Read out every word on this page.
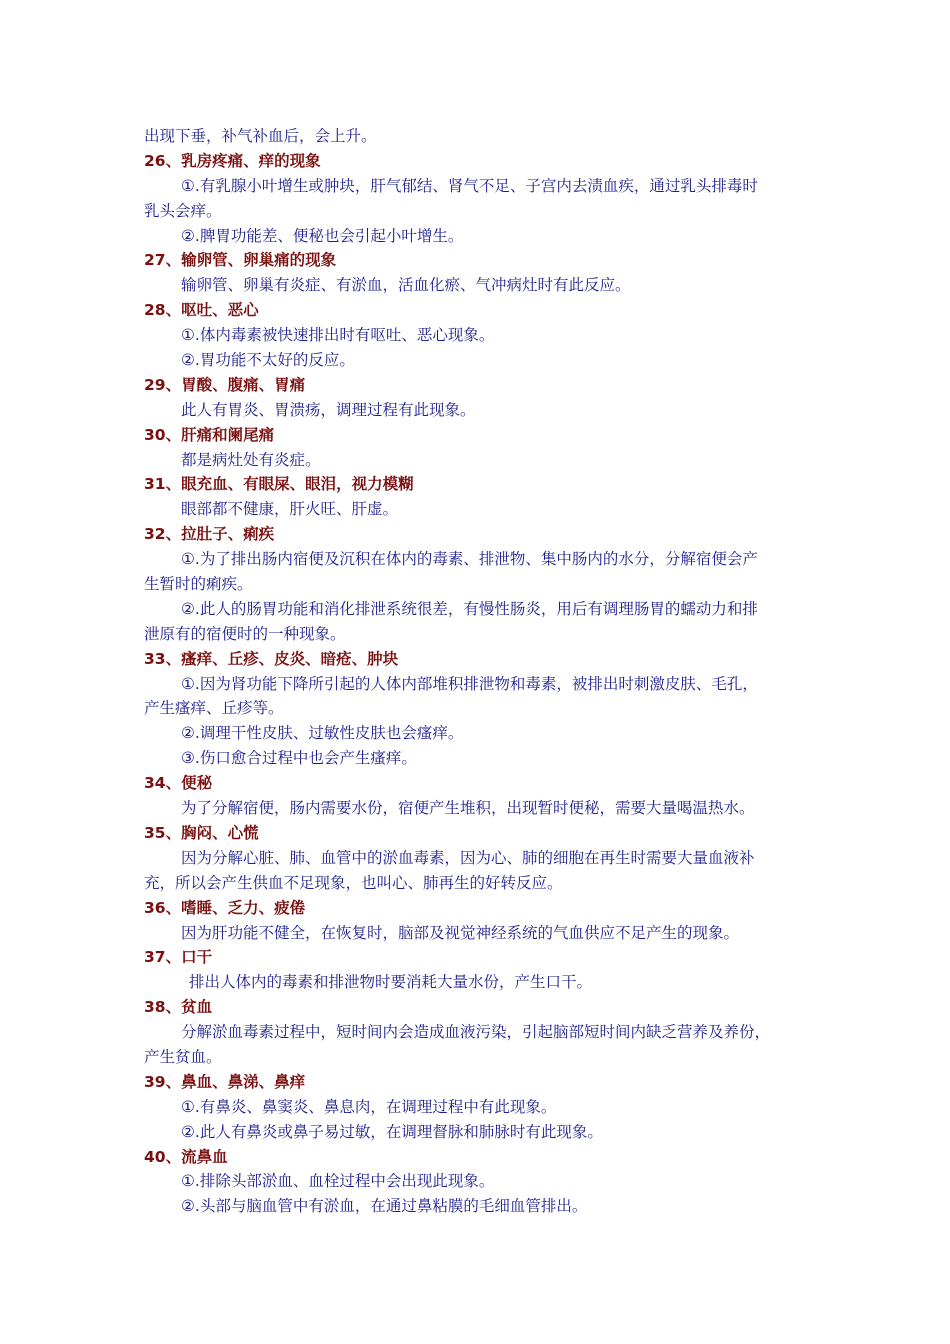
出现下垂，补气补血后，会上升。
26、乳房疼痛、痒的现象
①.有乳腺小叶增生或肿块，肝气郁结、肾气不足、子宫内去渍血疾，通过乳头排毒时
乳头会痒。
②.脾胃功能差、便秘也会引起小叶增生。
27、输卵管、卵巢痛的现象
输卵管、卵巢有炎症、有淤血，活血化瘀、气冲病灶时有此反应。
28、呕吐、恶心
①.体内毒素被快速排出时有呕吐、恶心现象。
②.胃功能不太好的反应。
29、胃酸、腹痛、胃痛
此人有胃炎、胃溃疡，调理过程有此现象。
30、肝痛和阑尾痛
都是病灶处有炎症。
31、眼充血、有眼屎、眼泪，视力模糊
眼部都不健康，肝火旺、肝虚。
32、拉肚子、痢疾
①.为了排出肠内宿便及沉积在体内的毒素、排泄物、集中肠内的水分，分解宿便会产
生暂时的痢疾。
②.此人的肠胃功能和消化排泄系统很差，有慢性肠炎，用后有调理肠胃的蠕动力和排
泄原有的宿便时的一种现象。
33、瘙痒、丘疹、皮炎、暗疮、肿块
①.因为肾功能下降所引起的人体内部堆积排泄物和毒素，被排出时刺激皮肤、毛孔，
产生瘙痒、丘疹等。
②.调理干性皮肤、过敏性皮肤也会瘙痒。
③.伤口愈合过程中也会产生瘙痒。
34、便秘
为了分解宿便，肠内需要水份，宿便产生堆积，出现暂时便秘，需要大量喝温热水。
35、胸闷、心慌
因为分解心脏、肺、血管中的淤血毒素，因为心、肺的细胞在再生时需要大量血液补
充，所以会产生供血不足现象，也叫心、肺再生的好转反应。
36、嗜睡、乏力、疲倦
因为肝功能不健全，在恢复时，脑部及视觉神经系统的气血供应不足产生的现象。
37、口干
排出人体内的毒素和排泄物时要消耗大量水份，产生口干。
38、贫血
分解淤血毒素过程中，短时间内会造成血液污染，引起脑部短时间内缺乏营养及养份，
产生贫血。
39、鼻血、鼻涕、鼻痒
①.有鼻炎、鼻窦炎、鼻息肉，在调理过程中有此现象。
②.此人有鼻炎或鼻子易过敏，在调理督脉和肺脉时有此现象。
40、流鼻血
①.排除头部淤血、血栓过程中会出现此现象。
②.头部与脑血管中有淤血，在通过鼻粘膜的毛细血管排出。
